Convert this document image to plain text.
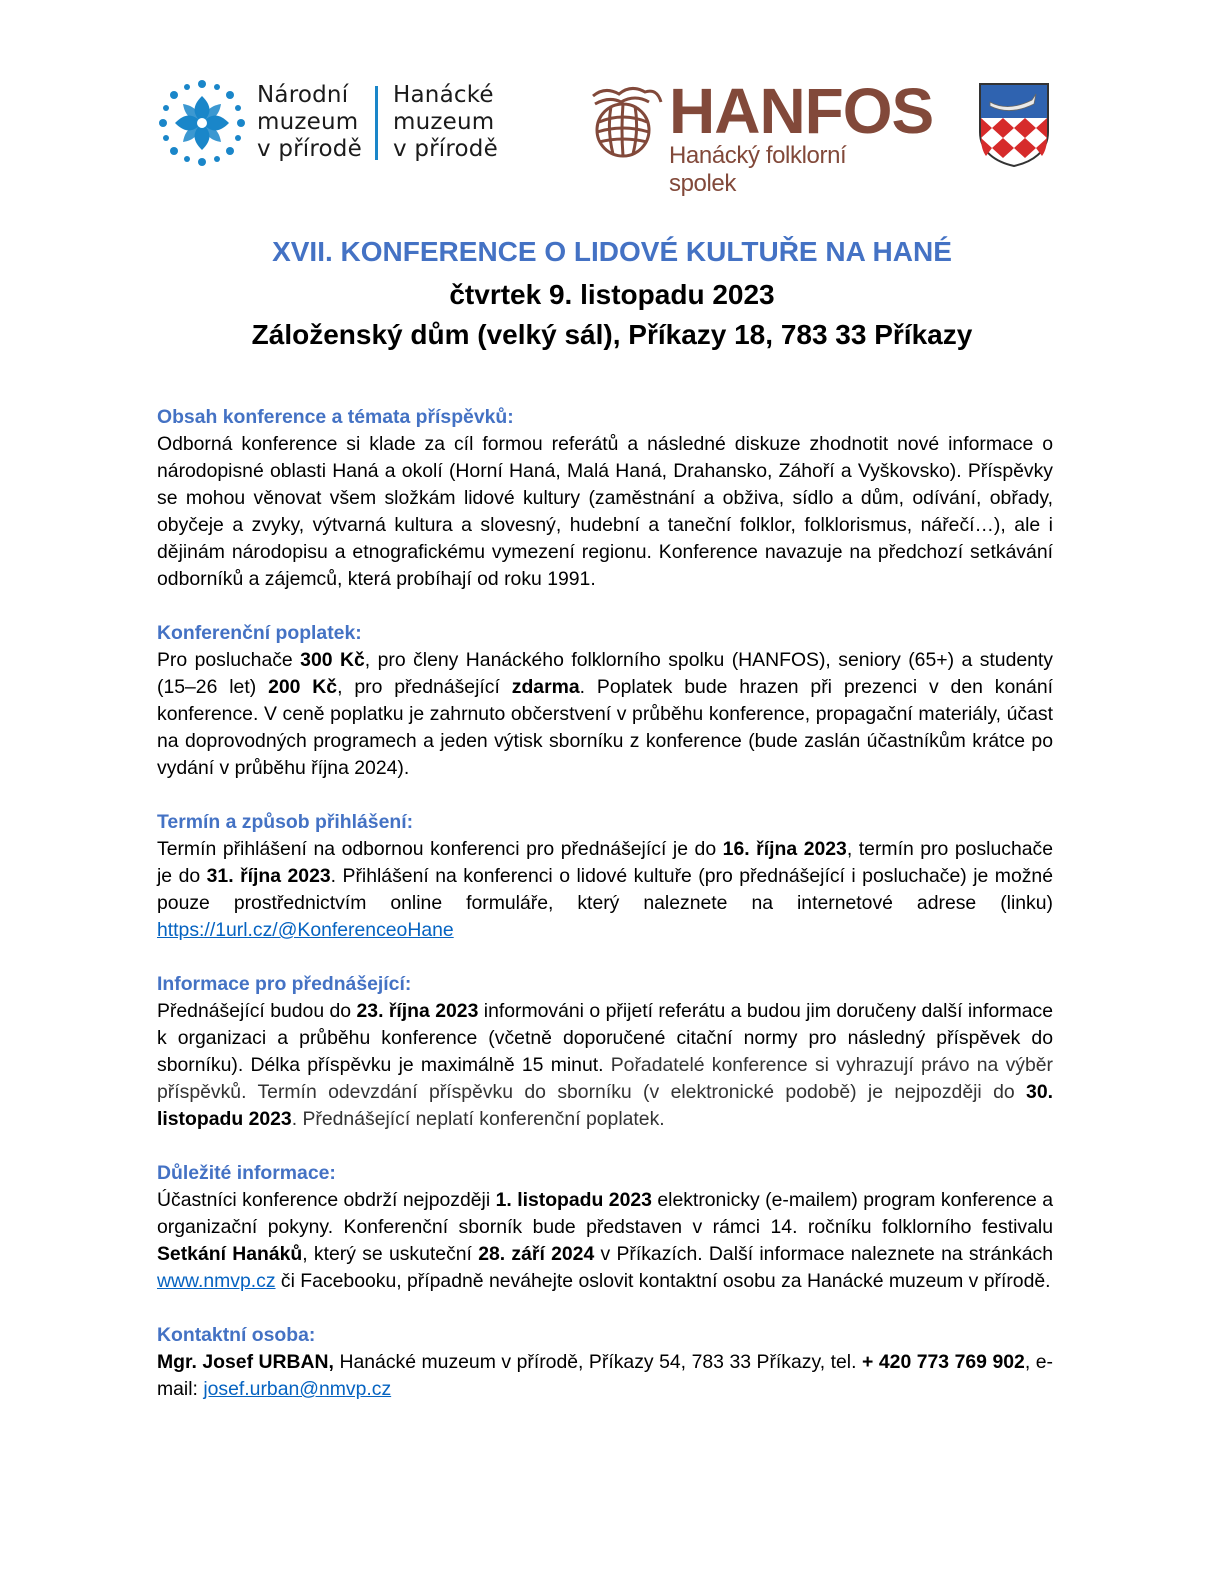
Národní
muzeum
v přírodě
Hanácké
muzeum
v přírodě
HANFOS
Hanácký folklorní spolek
XVII. KONFERENCE O LIDOVÉ KULTUŘE NA HANÉ
čtvrtek 9. listopadu 2023
Záloženský dům (velký sál), Příkazy 18, 783 33 Příkazy
Obsah konference a témata příspěvků:
Odborná konference si klade za cíl formou referátů a následné diskuze zhodnotit nové informace o národopisné oblasti Haná a okolí (Horní Haná, Malá Haná, Drahansko, Záhoří a Vyškovsko). Příspěvky se mohou věnovat všem složkám lidové kultury (zaměstnání a obživa, sídlo a dům, odívání, obřady, obyčeje a zvyky, výtvarná kultura a slovesný, hudební a taneční folklor, folklorismus, nářečí…), ale i dějinám národopisu a etnografickému vymezení regionu. Konference navazuje na předchozí setkávání odborníků a zájemců, která probíhají od roku 1991.
Konferenční poplatek:
Pro posluchače 300 Kč, pro členy Hanáckého folklorního spolku (HANFOS), seniory (65+) a studenty (15–26 let) 200 Kč, pro přednášející zdarma. Poplatek bude hrazen při prezenci v den konání konference. V ceně poplatku je zahrnuto občerstvení v průběhu konference, propagační materiály, účast na doprovodných programech a jeden výtisk sborníku z konference (bude zaslán účastníkům krátce po vydání v průběhu října 2024).
Termín a způsob přihlášení:
Termín přihlášení na odbornou konferenci pro přednášející je do 16. října 2023, termín pro posluchače je do 31. října 2023. Přihlášení na konferenci o lidové kultuře (pro přednášející i posluchače) je možné pouze prostřednictvím online formuláře, který naleznete na internetové adrese (linku) https://1url.cz/@KonferenceoHane
Informace pro přednášející:
Přednášející budou do 23. října 2023 informováni o přijetí referátu a budou jim doručeny další informace k organizaci a průběhu konference (včetně doporučené citační normy pro následný příspěvek do sborníku). Délka příspěvku je maximálně 15 minut. Pořadatelé konference si vyhrazují právo na výběr příspěvků. Termín odevzdání příspěvku do sborníku (v elektronické podobě) je nejpozději do 30. listopadu 2023. Přednášející neplatí konferenční poplatek.
Důležité informace:
Účastníci konference obdrží nejpozději 1. listopadu 2023 elektronicky (e-mailem) program konference a organizační pokyny. Konferenční sborník bude představen v rámci 14. ročníku folklorního festivalu Setkání Hanáků, který se uskuteční 28. září 2024 v Příkazích. Další informace naleznete na stránkách www.nmvp.cz či Facebooku, případně neváhejte oslovit kontaktní osobu za Hanácké muzeum v přírodě.
Kontaktní osoba:
Mgr. Josef URBAN, Hanácké muzeum v přírodě, Příkazy 54, 783 33 Příkazy, tel. + 420 773 769 902, e-mail: josef.urban@nmvp.cz
